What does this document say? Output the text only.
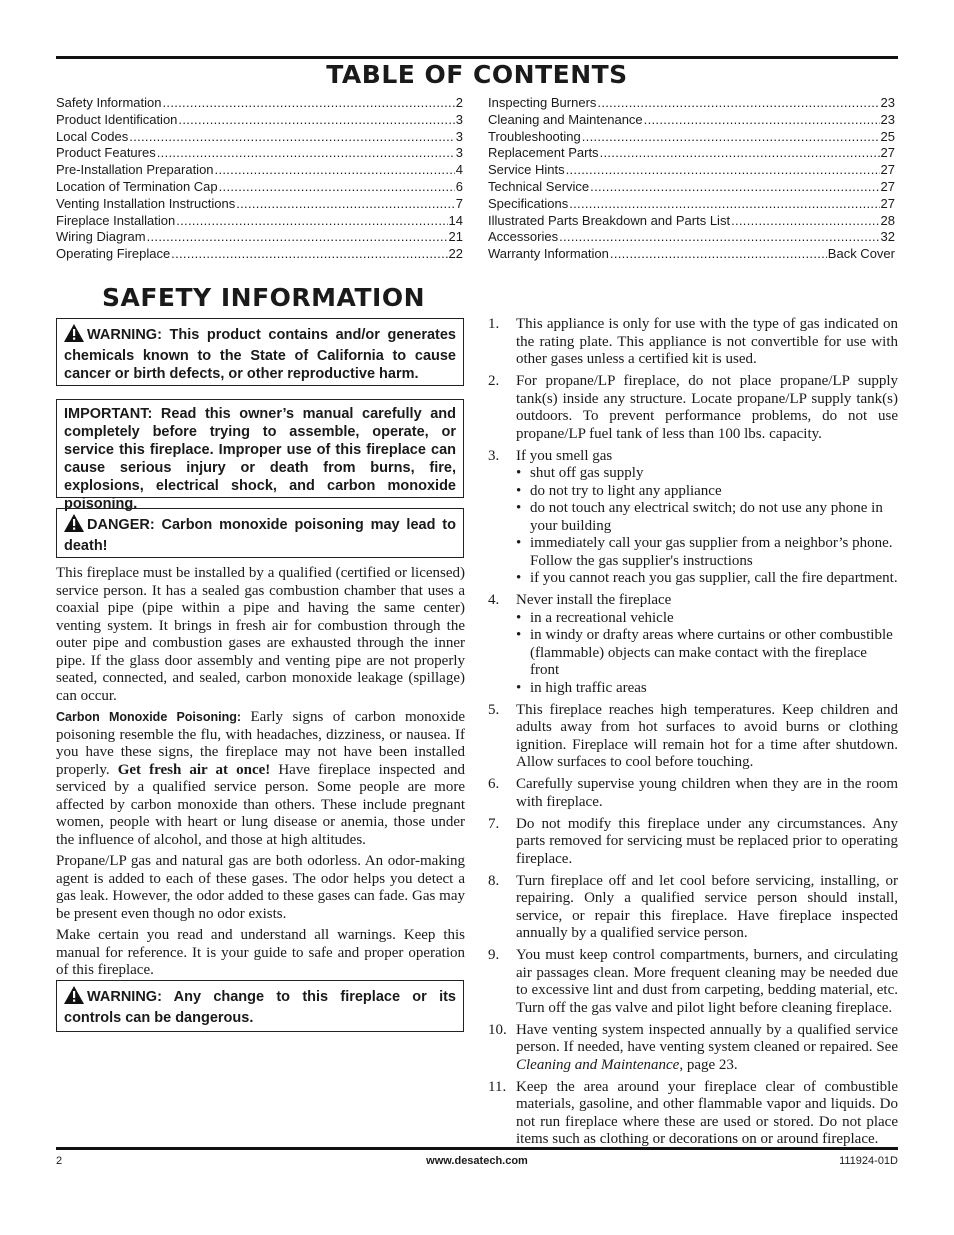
TABLE OF CONTENTS
Safety Information .....	2
Product Identification .....	3
Local Codes .....	3
Product Features .....	3
Pre-Installation Preparation .....	4
Location of Termination Cap .....	6
Venting Installation Instructions .....	7
Fireplace Installation .....	14
Wiring Diagram .....	21
Operating Fireplace .....	22
Inspecting Burners .....	23
Cleaning and Maintenance .....	23
Troubleshooting .....	25
Replacement Parts .....	27
Service Hints .....	27
Technical Service .....	27
Specifications .....	27
Illustrated Parts Breakdown and Parts List .....	28
Accessories .....	32
Warranty Information .....	Back Cover
SAFETY INFORMATION
WARNING: This product contains and/or generates chemicals known to the State of California to cause cancer or birth defects, or other reproductive harm.
IMPORTANT: Read this owner’s manual carefully and completely before trying to assemble, operate, or service this fireplace. Improper use of this fireplace can cause serious injury or death from burns, fire, explosions, electrical shock, and carbon monoxide poisoning.
DANGER: Carbon monoxide poisoning may lead to death!

This fireplace must be installed by a qualified (certified or licensed) service person. It has a sealed gas combustion chamber that uses a coaxial pipe (pipe within a pipe and having the same center) venting system. It brings in fresh air for combustion through the outer pipe and combustion gases are exhausted through the inner pipe. If the glass door assembly and venting pipe are not properly seated, connected, and sealed, carbon monoxide leakage (spillage) can occur.

Carbon Monoxide Poisoning: Early signs of carbon monoxide poisoning resemble the flu, with headaches, dizziness, or nausea. If you have these signs, the fireplace may not have been installed properly. Get fresh air at once! Have fireplace inspected and serviced by a qualified service person. Some people are more affected by carbon monoxide than others. These include pregnant women, people with heart or lung disease or anemia, those under the influence of alcohol, and those at high altitudes.

Propane/LP gas and natural gas are both odorless. An odor-making agent is added to each of these gases. The odor helps you detect a gas leak. However, the odor added to these gases can fade. Gas may be present even though no odor exists.

Make certain you read and understand all warnings. Keep this manual for reference. It is your guide to safe and proper operation of this fireplace.

WARNING: Any change to this fireplace or its controls can be dangerous.
1.	This appliance is only for use with the type of gas indicated on the rating plate. This appliance is not convertible for use with other gases unless a certified kit is used.
2.	For propane/LP fireplace, do not place propane/LP supply tank(s) inside any structure. Locate propane/LP supply tank(s) outdoors. To prevent performance problems, do not use propane/LP fuel tank of less than 100 lbs. capacity.
3.	If you smell gas
• shut off gas supply
• do not try to light any appliance
• do not touch any electrical switch; do not use any phone in your building
• immediately call your gas supplier from a neighbor’s phone. Follow the gas supplier's instructions
• if you cannot reach you gas supplier, call the fire department.
4.	Never install the fireplace
• in a recreational vehicle
• in windy or drafty areas where curtains or other combustible (flammable) objects can make contact with the fireplace front
• in high traffic areas
5.	This fireplace reaches high temperatures. Keep children and adults away from hot surfaces to avoid burns or clothing ignition. Fireplace will remain hot for a time after shutdown. Allow surfaces to cool before touching.
6.	Carefully supervise young children when they are in the room with fireplace.
7.	Do not modify this fireplace under any circumstances. Any parts removed for servicing must be replaced prior to operating fireplace.
8.	Turn fireplace off and let cool before servicing, installing, or repairing. Only a qualified service person should install, service, or repair this fireplace. Have fireplace inspected annually by a qualified service person.
9.	You must keep control compartments, burners, and circulating air passages clean. More frequent cleaning may be needed due to excessive lint and dust from carpeting, bedding material, etc. Turn off the gas valve and pilot light before cleaning fireplace.
10. Have venting system inspected annually by a qualified service person. If needed, have venting system cleaned or repaired. See Cleaning and Maintenance, page 23.
11. Keep the area around your fireplace clear of combustible materials, gasoline, and other flammable vapor and liquids. Do not run fireplace where these are used or stored. Do not place items such as clothing or decorations on or around fireplace.
2	www.desatech.com	111924-01D
